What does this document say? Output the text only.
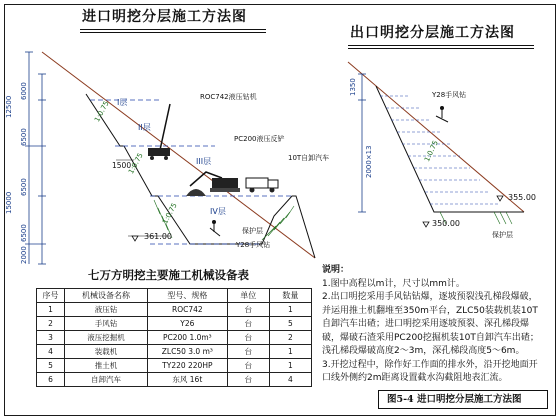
进口明挖分层施工方法图
出口明挖分层施工方法图
I层
II层
III层
IV层
1:0.75
1:0.75
1:0.75
12500
6000
6500
15000
6500
6500
2000
1500
361.00
ROC742液压钻机
PC200液压反铲
10T自卸汽车
Y28手风钻
保护层
Y28手风钻
1:0.75
1350
2000×13
355.00
350.00
保护层
七万方明挖主要施工机械设备表
序号	机械设备名称	型号、规格	单位	数量
1	液压钻	ROC742	台	1
2	手风钻	Y26	台	5
3	液压挖掘机	PC200 1.0m³	台	2
4	装载机	ZLC50 3.0 m³	台	1
5	推土机	TY220 220HP	台	1
6	自卸汽车	东风 16t	台	4

说明：

1.图中高程以m计，尺寸以mm计。

2.出口明挖采用手风钻钻爆，逐坡预裂浅孔梯段爆破，并运用推土机翻堆至350m平台，ZLC50装载机装10T自卸汽车出碴；进口明挖采用逐坡预裂、深孔梯段爆破，爆破石渣采用PC200挖掘机装10T自卸汽车出碴；浅孔梯段爆破高度2～3m，深孔梯段高度5～6m。

3.开挖过程中，除作好工作面的排水外，沿开挖地面开口线外侧约2m距离设置截水沟截阻地表汇流。

图5-4 进口明挖分层施工方法图
